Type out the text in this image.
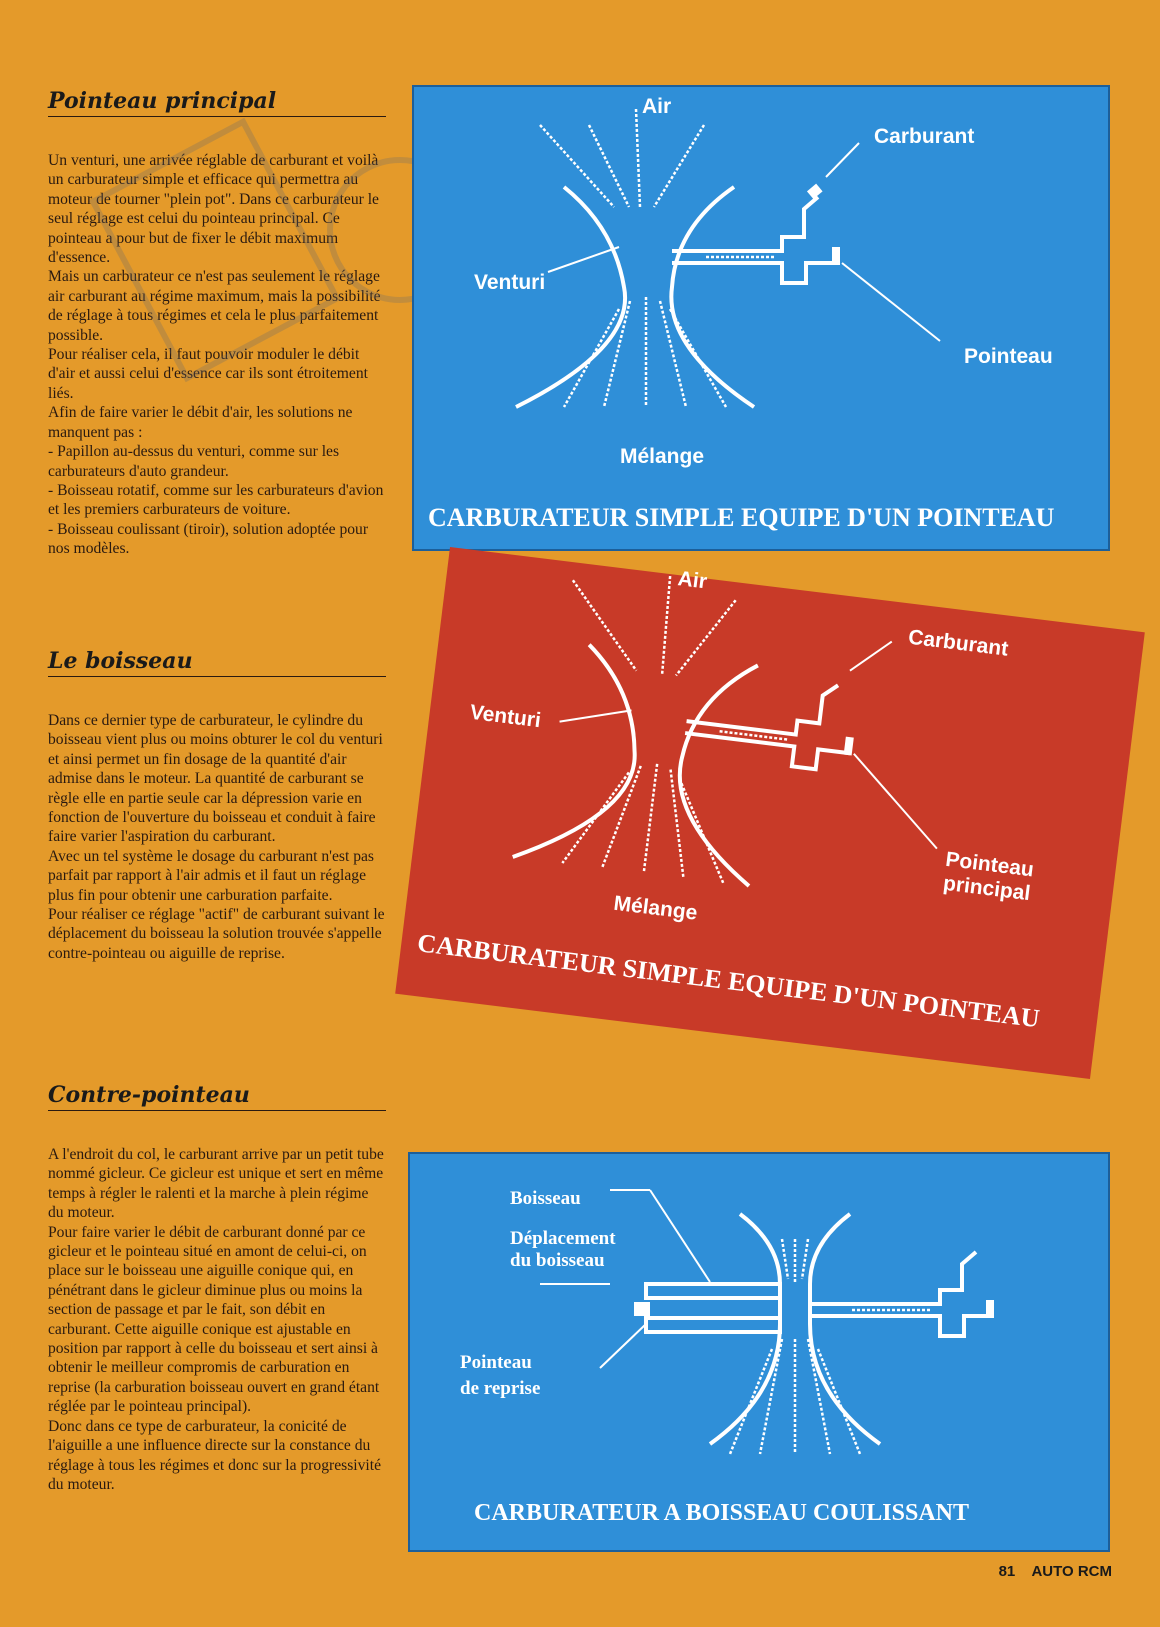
Pointeau principal

Un venturi, une arrivée réglable de carburant et voilà un carburateur simple et efficace qui permettra au moteur de tourner "plein pot". Dans ce carburateur le seul réglage est celui du pointeau principal. Ce pointeau a pour but de fixer le débit maximum d'essence.
Mais un carburateur ce n'est pas seulement le réglage air carburant au régime maximum, mais la possibilité de réglage à tous régimes et cela le plus parfaitement possible.
Pour réaliser cela, il faut pouvoir moduler le débit d'air et aussi celui d'essence car ils sont étroitement liés.
Afin de faire varier le débit d'air, les solutions ne manquent pas :
- Papillon au-dessus du venturi, comme sur les carburateurs d'auto grandeur.
- Boisseau rotatif, comme sur les carburateurs d'avion et les premiers carburateurs de voiture.
- Boisseau coulissant (tiroir), solution adoptée pour nos modèles.

Le boisseau

Dans ce dernier type de carburateur, le cylindre du boisseau vient plus ou moins obturer le col du venturi et ainsi permet un fin dosage de la quantité d'air admise dans le moteur. La quantité de carburant se règle elle en partie seule car la dépression varie en fonction de l'ouverture du boisseau et conduit à faire faire varier l'aspiration du carburant.
Avec un tel système le dosage du carburant n'est pas parfait par rapport à l'air admis et il faut un réglage plus fin pour obtenir une carburation parfaite.
Pour réaliser ce réglage "actif" de carburant suivant le déplacement du boisseau la solution trouvée s'appelle contre-pointeau ou aiguille de reprise.

Contre-pointeau

A l'endroit du col, le carburant arrive par un petit tube nommé gicleur. Ce gicleur est unique et sert en même temps à régler le ralenti et la marche à plein régime du moteur.
Pour faire varier le débit de carburant donné par ce gicleur et le pointeau situé en amont de celui-ci, on place sur le boisseau une aiguille conique qui, en pénétrant dans le gicleur diminue plus ou moins la section de passage et par le fait, son débit en carburant. Cette aiguille conique est ajustable en position par rapport à celle du boisseau et sert ainsi à obtenir le meilleur compromis de carburation en reprise (la carburation boisseau ouvert en grand étant réglée par le pointeau principal).
Donc dans ce type de carburateur, la conicité de l'aiguille a une influence directe sur la constance du réglage à tous les régimes et donc sur la progressivité du moteur.

Air
Carburant
Venturi
Pointeau
Mélange
CARBURATEUR SIMPLE EQUIPE D'UN POINTEAU
Air
Carburant
Venturi
Pointeau
principal
Mélange
CARBURATEUR SIMPLE EQUIPE D'UN POINTEAU
Boisseau
Déplacement
du boisseau
Pointeau
de reprise
CARBURATEUR A BOISSEAU COULISSANT
81 AUTO RCM
